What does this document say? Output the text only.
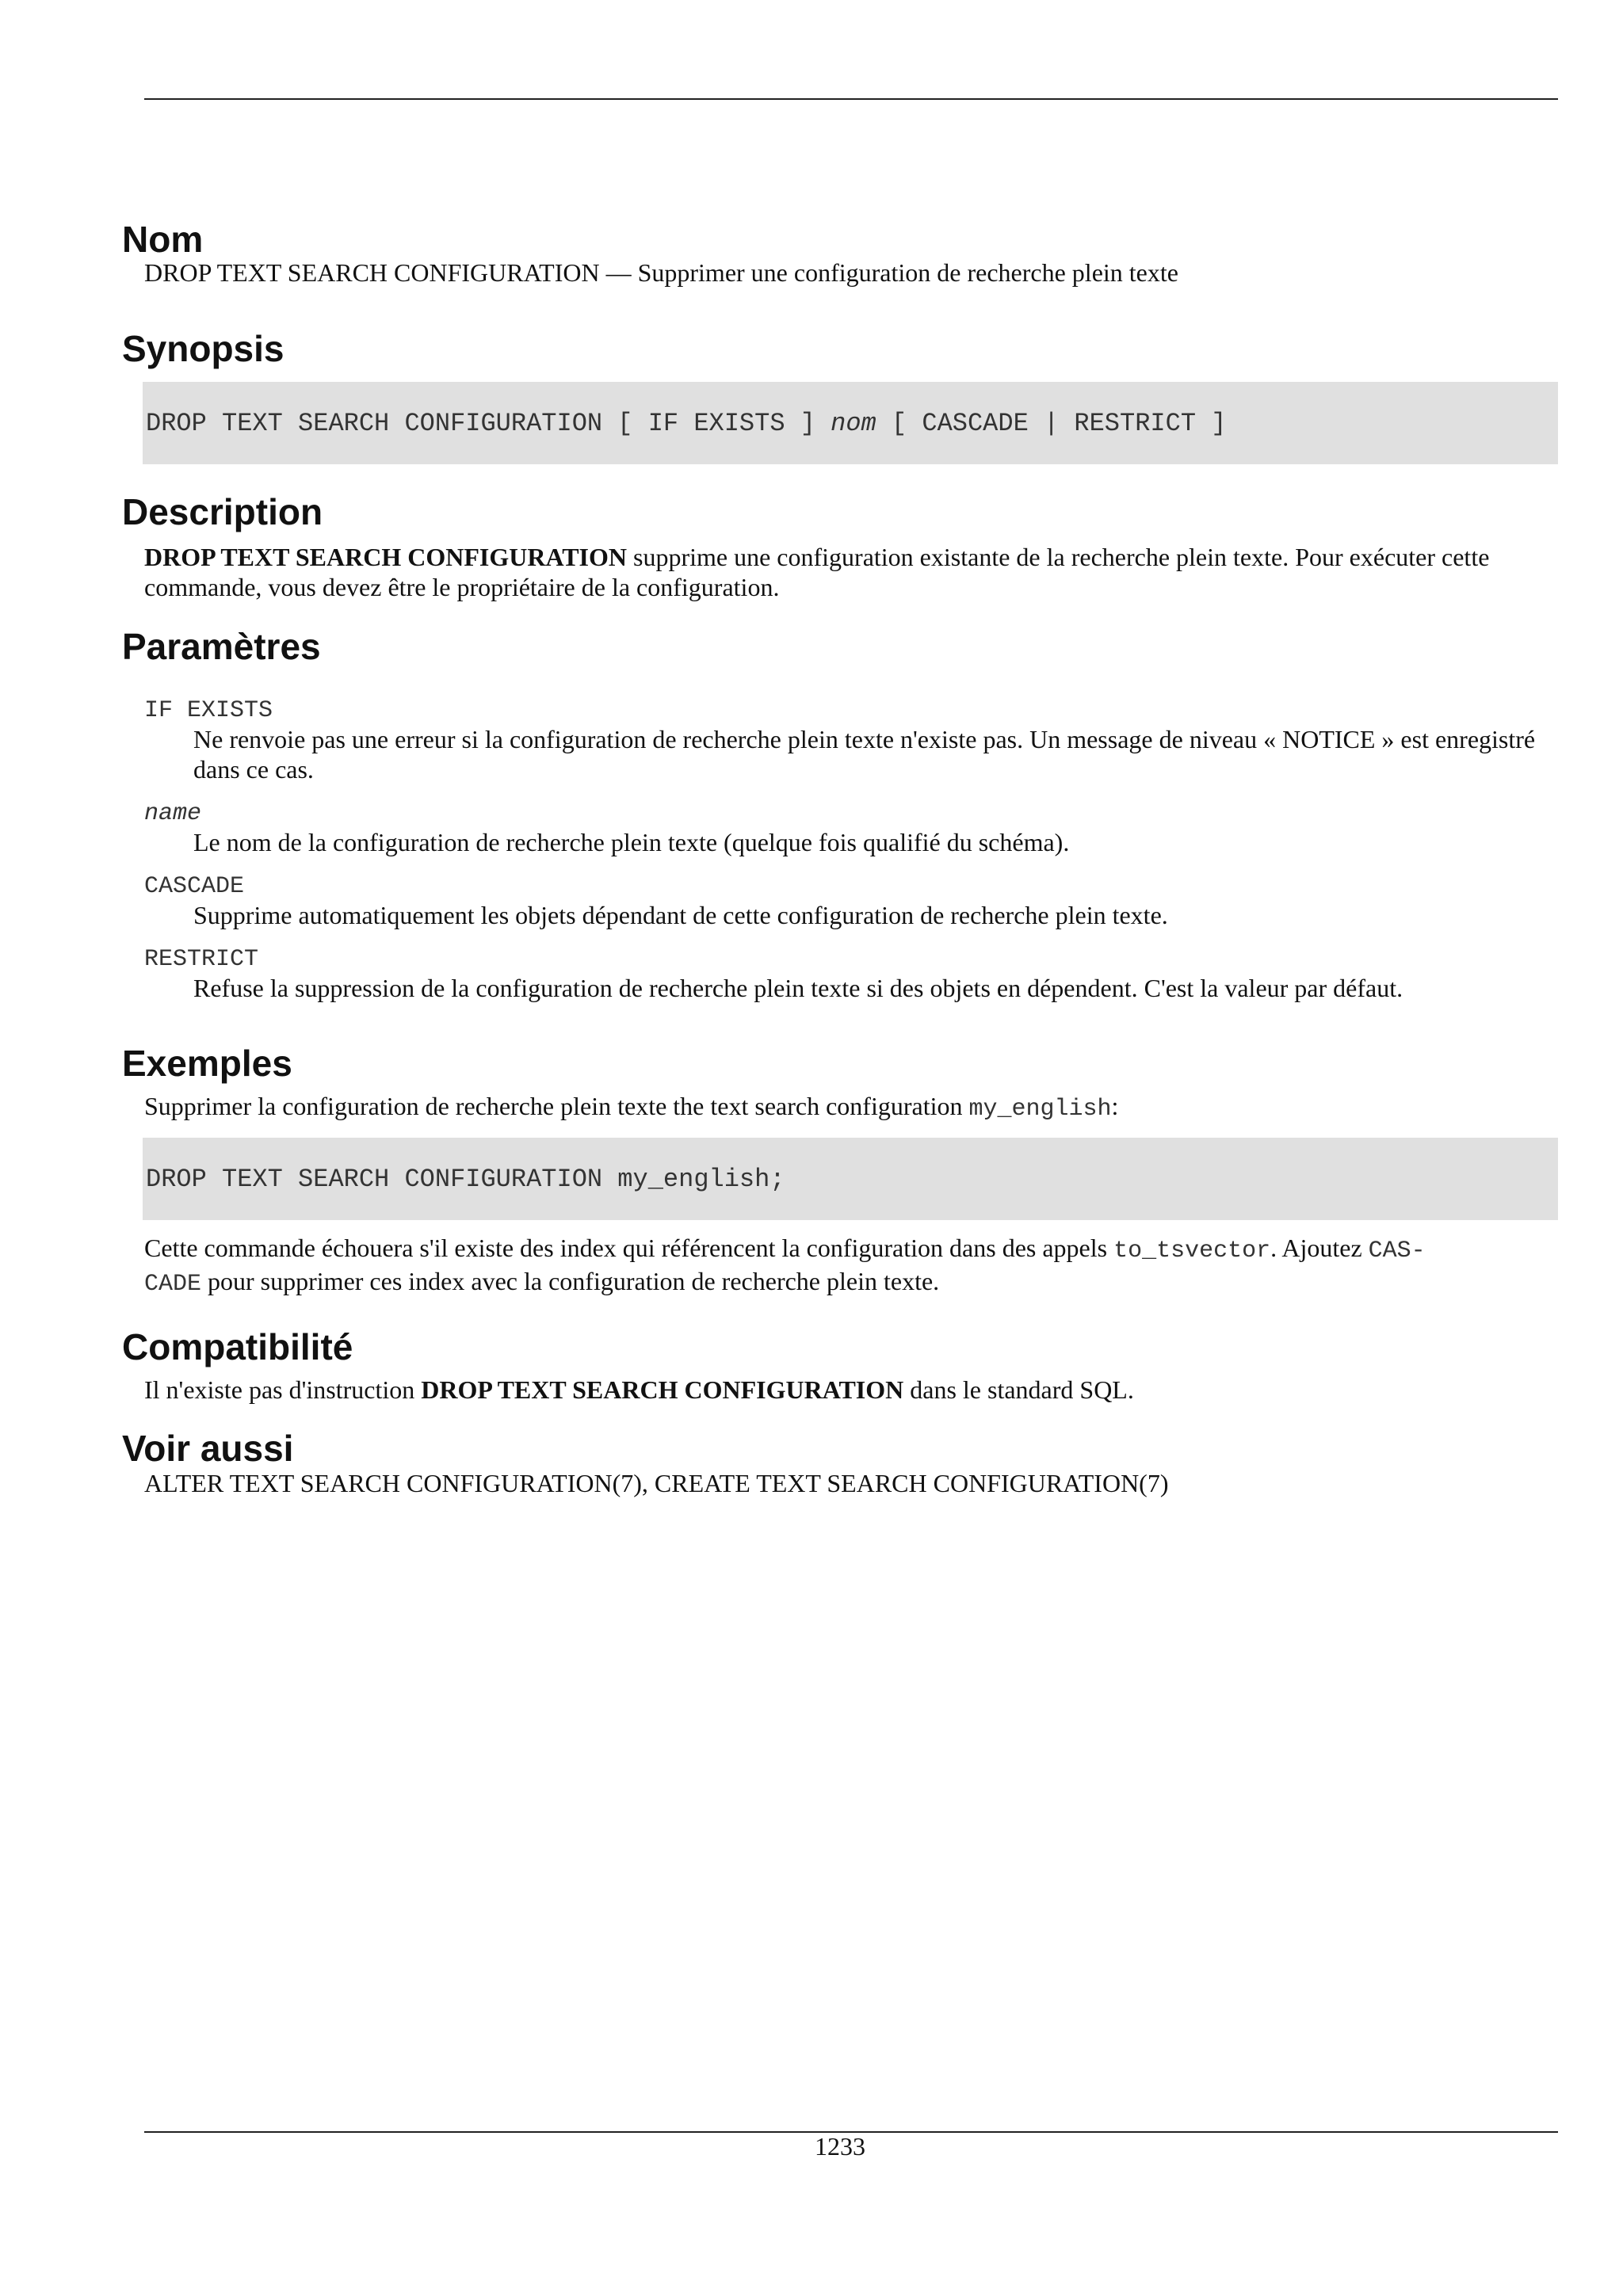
Nom

DROP TEXT SEARCH CONFIGURATION — Supprimer une configuration de recherche plein texte

Synopsis
DROP TEXT SEARCH CONFIGURATION [ IF EXISTS ] nom [ CASCADE | RESTRICT ]
Description

DROP TEXT SEARCH CONFIGURATION supprime une configuration existante de la recherche plein texte. Pour exécuter cette commande, vous devez être le propriétaire de la configuration.

Paramètres
IF EXISTS
Ne renvoie pas une erreur si la configuration de recherche plein texte n'existe pas. Un message de niveau « NOTICE » est enregistré dans ce cas.
name
Le nom de la configuration de recherche plein texte (quelque fois qualifié du schéma).
CASCADE
Supprime automatiquement les objets dépendant de cette configuration de recherche plein texte.
RESTRICT
Refuse la suppression de la configuration de recherche plein texte si des objets en dépendent. C'est la valeur par défaut.
Exemples

Supprimer la configuration de recherche plein texte the text search configuration my_english:

DROP TEXT SEARCH CONFIGURATION my_english;

Cette commande échouera s'il existe des index qui référencent la configuration dans des appels to_tsvector. Ajoutez CAS-
CADE pour supprimer ces index avec la configuration de recherche plein texte.

Compatibilité

Il n'existe pas d'instruction DROP TEXT SEARCH CONFIGURATION dans le standard SQL.

Voir aussi

ALTER TEXT SEARCH CONFIGURATION(7), CREATE TEXT SEARCH CONFIGURATION(7)

1233
